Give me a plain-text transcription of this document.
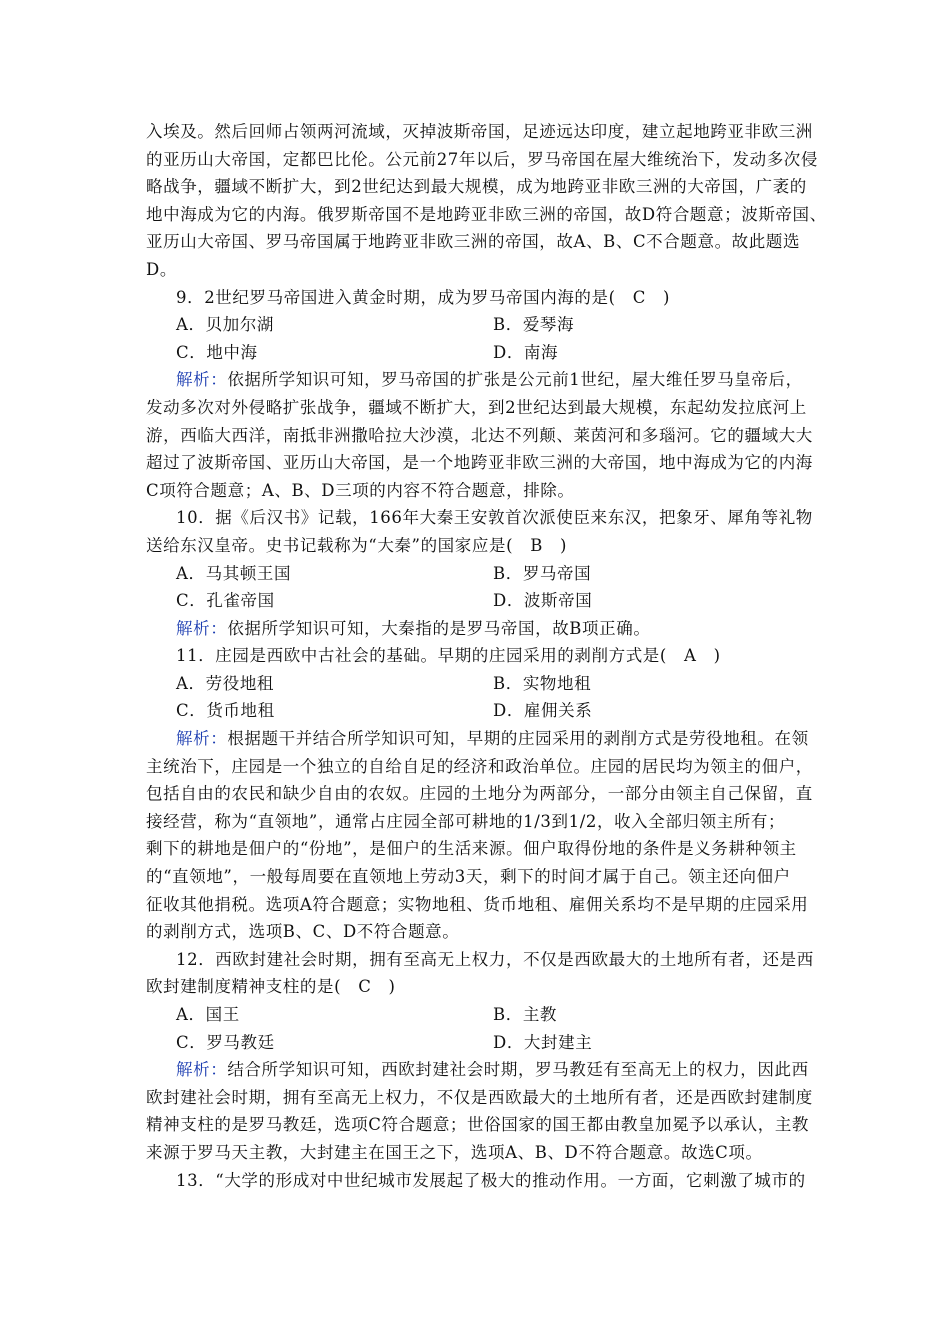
入埃及。然后回师占领两河流域，灭掉波斯帝国，足迹远达印度，建立起地跨亚非欧三洲
的亚历山大帝国，定都巴比伦。公元前27年以后，罗马帝国在屋大维统治下，发动多次侵
略战争，疆域不断扩大，到2世纪达到最大规模，成为地跨亚非欧三洲的大帝国，广袤的
地中海成为它的内海。俄罗斯帝国不是地跨亚非欧三洲的帝国，故D符合题意；波斯帝国、
亚历山大帝国、罗马帝国属于地跨亚非欧三洲的帝国，故A、B、C不合题意。故此题选
D。
9．2世纪罗马帝国进入黄金时期，成为罗马帝国内海的是(　C　)
A．贝加尔湖	B．爱琴海
C．地中海	D．南海
解析：依据所学知识可知，罗马帝国的扩张是公元前1世纪，屋大维任罗马皇帝后，
发动多次对外侵略扩张战争，疆域不断扩大，到2世纪达到最大规模，东起幼发拉底河上
游，西临大西洋，南抵非洲撒哈拉大沙漠，北达不列颠、莱茵河和多瑙河。它的疆域大大
超过了波斯帝国、亚历山大帝国，是一个地跨亚非欧三洲的大帝国，地中海成为它的内海
C项符合题意；A、B、D三项的内容不符合题意，排除。
10．据《后汉书》记载，166年大秦王安敦首次派使臣来东汉，把象牙、犀角等礼物
送给东汉皇帝。史书记载称为“大秦”的国家应是(　B　)
A．马其顿王国	B．罗马帝国
C．孔雀帝国	D．波斯帝国
解析：依据所学知识可知，大秦指的是罗马帝国，故B项正确。
11．庄园是西欧中古社会的基础。早期的庄园采用的剥削方式是(　A　)
A．劳役地租	B．实物地租
C．货币地租	D．雇佣关系
解析：根据题干并结合所学知识可知，早期的庄园采用的剥削方式是劳役地租。在领
主统治下，庄园是一个独立的自给自足的经济和政治单位。庄园的居民均为领主的佃户，
包括自由的农民和缺少自由的农奴。庄园的土地分为两部分，一部分由领主自己保留，直
接经营，称为“直领地”，通常占庄园全部可耕地的1/3到1/2，收入全部归领主所有；
剩下的耕地是佃户的“份地”，是佃户的生活来源。佃户取得份地的条件是义务耕种领主
的“直领地”，一般每周要在直领地上劳动3天，剩下的时间才属于自己。领主还向佃户
征收其他捐税。选项A符合题意；实物地租、货币地租、雇佣关系均不是早期的庄园采用
的剥削方式，选项B、C、D不符合题意。
12．西欧封建社会时期，拥有至高无上权力，不仅是西欧最大的土地所有者，还是西
欧封建制度精神支柱的是(　C　)
A．国王	B．主教
C．罗马教廷	D．大封建主
解析：结合所学知识可知，西欧封建社会时期，罗马教廷有至高无上的权力，因此西
欧封建社会时期，拥有至高无上权力，不仅是西欧最大的土地所有者，还是西欧封建制度
精神支柱的是罗马教廷，选项C符合题意；世俗国家的国王都由教皇加冕予以承认，主教
来源于罗马天主教，大封建主在国王之下，选项A、B、D不符合题意。故选C项。
13．“大学的形成对中世纪城市发展起了极大的推动作用。一方面，它刺激了城市的
